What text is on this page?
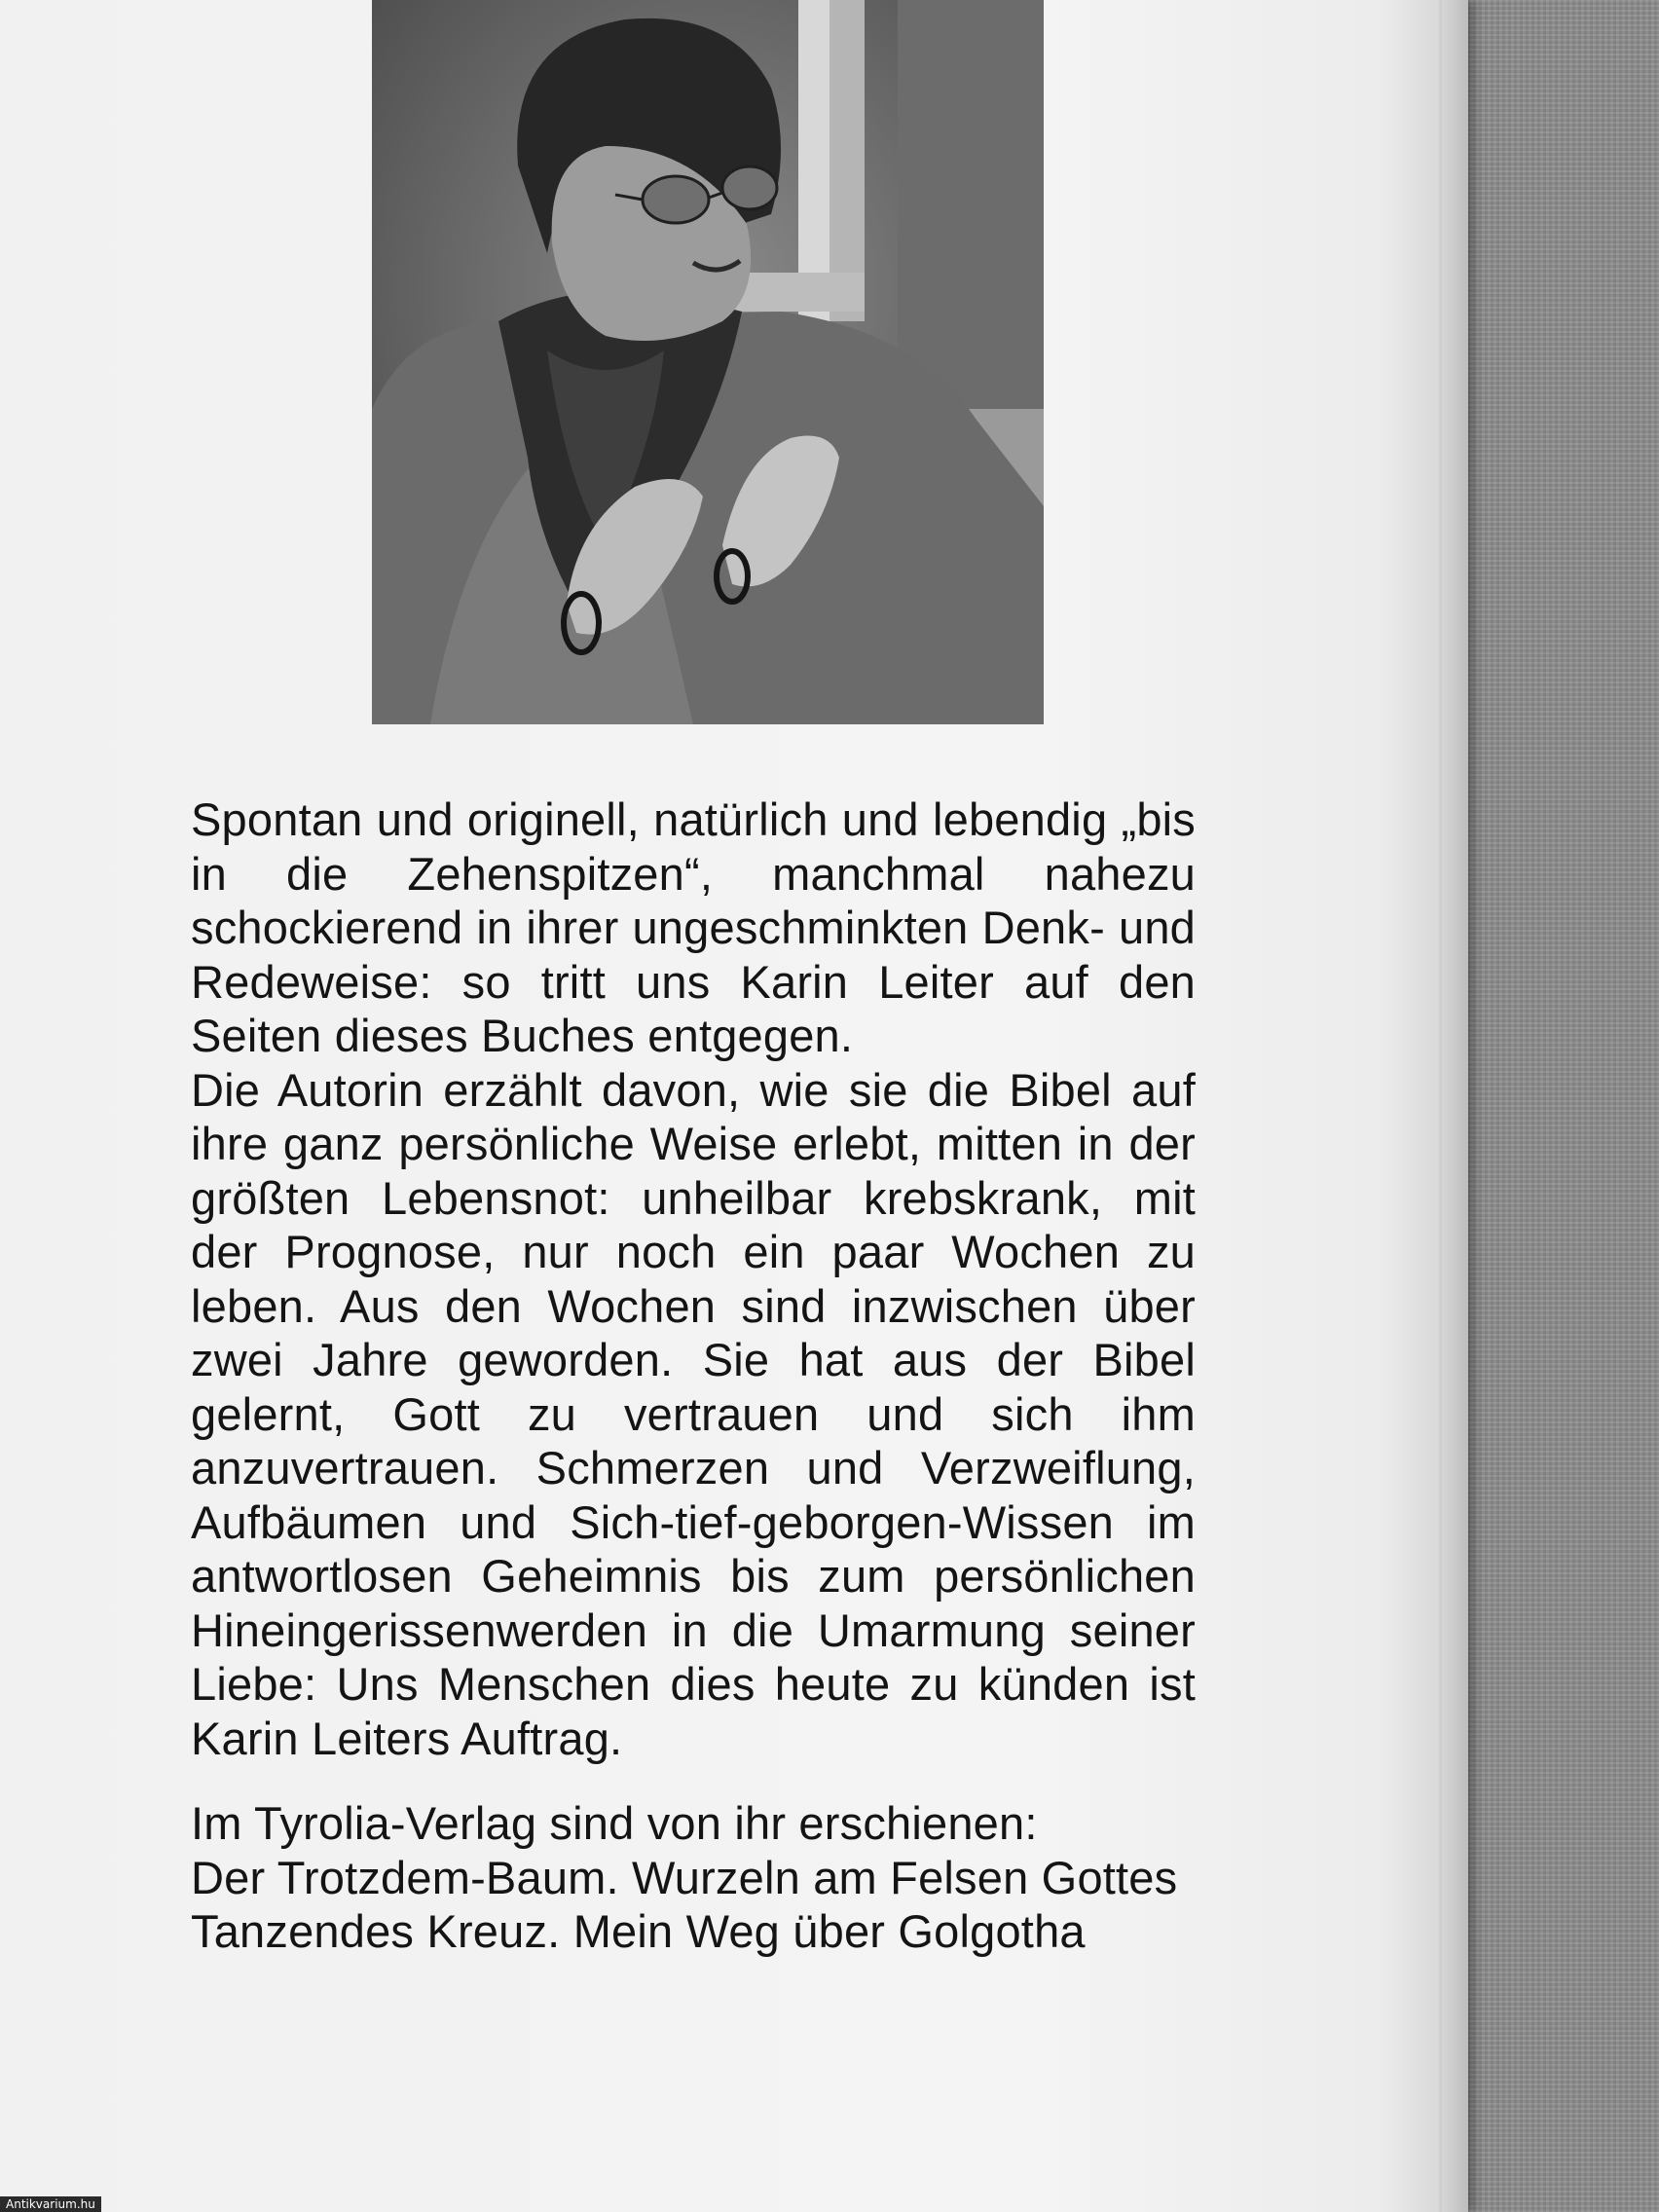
Spontan und originell, natürlich und lebendig „bis in die Zehenspitzen“, manchmal nahezu schockierend in ihrer ungeschminkten Denk- und Redeweise: so tritt uns Karin Leiter auf den Seiten dieses Buches entgegen.

Die Autorin erzählt davon, wie sie die Bibel auf ihre ganz persönliche Weise erlebt, mitten in der größten Lebensnot: unheilbar krebskrank, mit der Prognose, nur noch ein paar Wochen zu leben. Aus den Wochen sind inzwischen über zwei Jahre geworden. Sie hat aus der Bibel gelernt, Gott zu vertrauen und sich ihm anzuvertrauen. Schmerzen und Verzweiflung, Aufbäumen und Sich-tief-geborgen-Wissen im antwortlosen Geheimnis bis zum persönlichen Hineingerissenwerden in die Umarmung seiner Liebe: Uns Menschen dies heute zu künden ist Karin Leiters Auftrag.

Im Tyrolia-Verlag sind von ihr erschienen:

Der Trotzdem-Baum. Wurzeln am Felsen Gottes

Tanzendes Kreuz. Mein Weg über Golgotha

Antikvarium.hu
